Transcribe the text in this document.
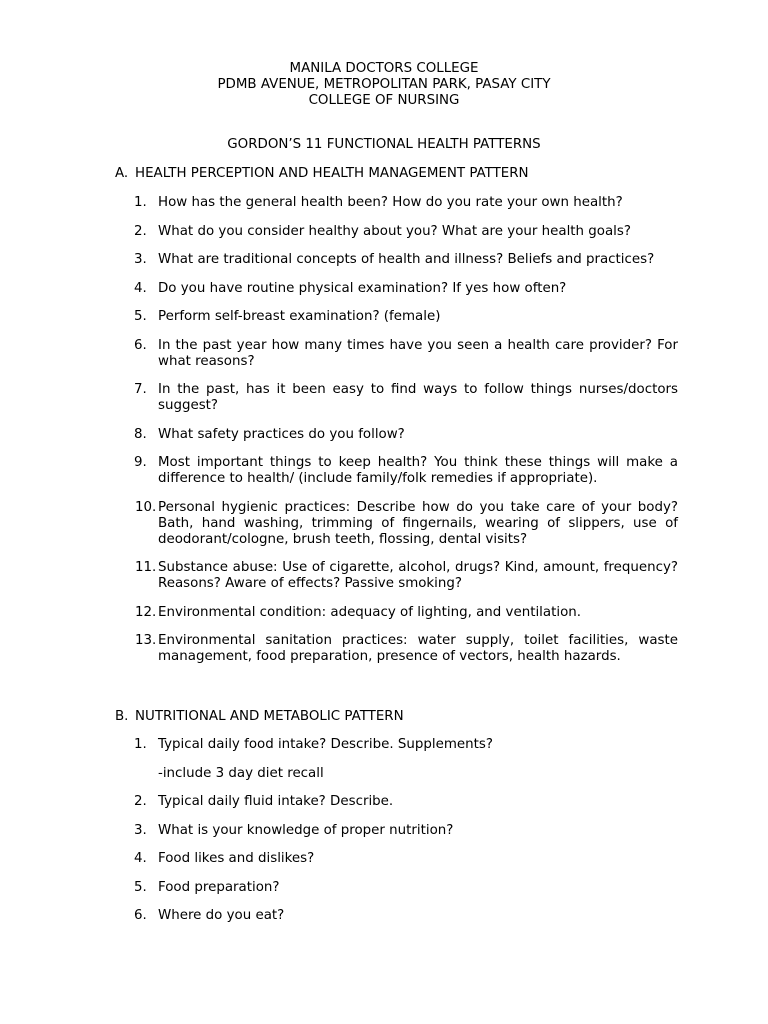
MANILA DOCTORS COLLEGE

PDMB AVENUE, METROPOLITAN PARK, PASAY CITY

COLLEGE OF NURSING

GORDON’S 11 FUNCTIONAL HEALTH PATTERNS
A. HEALTH PERCEPTION AND HEALTH MANAGEMENT PATTERN
1. How has the general health been? How do you rate your own health?
2. What do you consider healthy about you? What are your health goals?
3. What are traditional concepts of health and illness? Beliefs and practices?
4. Do you have routine physical examination? If yes how often?
5. Perform self-breast examination? (female)
6. In the past year how many times have you seen a health care provider? For what reasons?
7. In the past, has it been easy to find ways to follow things nurses/doctors suggest?
8. What safety practices do you follow?
9. Most important things to keep health? You think these things will make a difference to health/ (include family/folk remedies if appropriate).
10. Personal hygienic practices: Describe how do you take care of your body? Bath, hand washing, trimming of fingernails, wearing of slippers, use of deodorant/cologne, brush teeth, flossing, dental visits?
11. Substance abuse: Use of cigarette, alcohol, drugs? Kind, amount, frequency? Reasons? Aware of effects? Passive smoking?
12. Environmental condition: adequacy of lighting, and ventilation.
13. Environmental sanitation practices: water supply, toilet facilities, waste management, food preparation, presence of vectors, health hazards.
B. NUTRITIONAL AND METABOLIC PATTERN
1. Typical daily food intake? Describe. Supplements?
-include 3 day diet recall
2. Typical daily fluid intake? Describe.
3. What is your knowledge of proper nutrition?
4. Food likes and dislikes?
5. Food preparation?
6. Where do you eat?
